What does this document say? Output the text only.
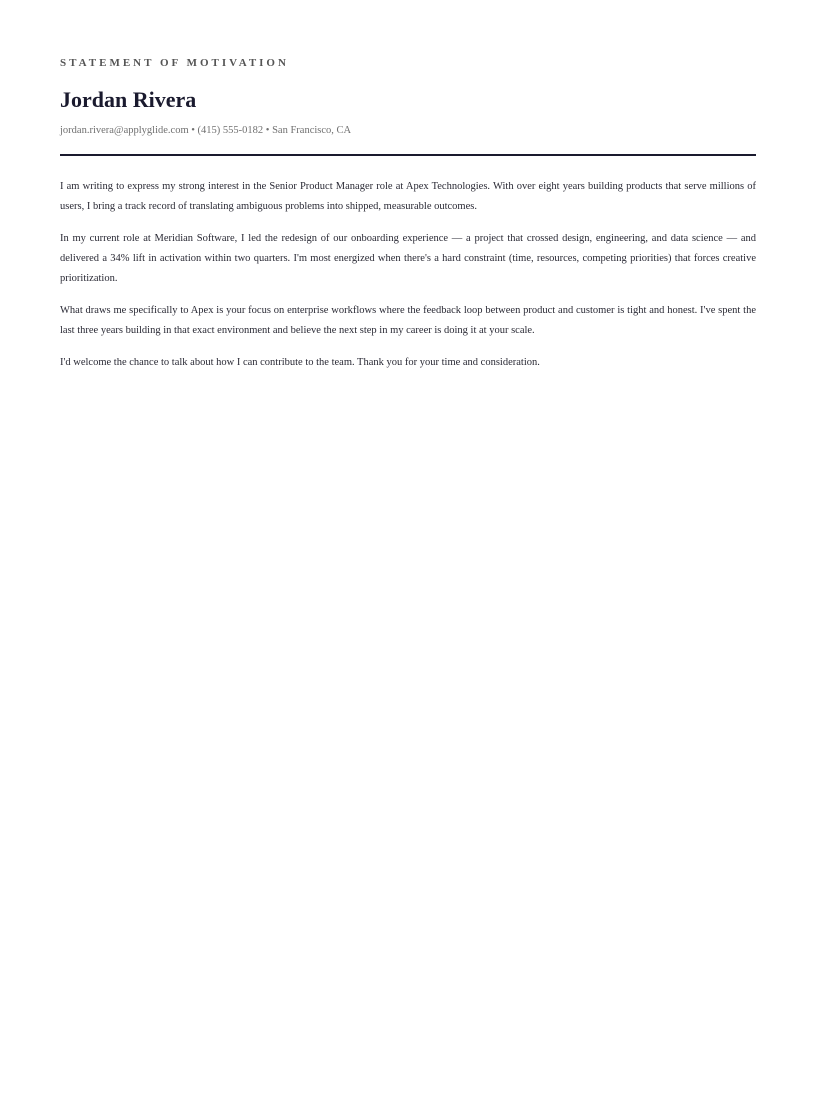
STATEMENT OF MOTIVATION
Jordan Rivera
jordan.rivera@applyglide.com • (415) 555-0182 • San Francisco, CA

I am writing to express my strong interest in the Senior Product Manager role at Apex Technologies. With over eight years building products that serve millions of users, I bring a track record of translating ambiguous problems into shipped, measurable outcomes.

In my current role at Meridian Software, I led the redesign of our onboarding experience — a project that crossed design, engineering, and data science — and delivered a 34% lift in activation within two quarters. I'm most energized when there's a hard constraint (time, resources, competing priorities) that forces creative prioritization.

What draws me specifically to Apex is your focus on enterprise workflows where the feedback loop between product and customer is tight and honest. I've spent the last three years building in that exact environment and believe the next step in my career is doing it at your scale.

I'd welcome the chance to talk about how I can contribute to the team. Thank you for your time and consideration.
